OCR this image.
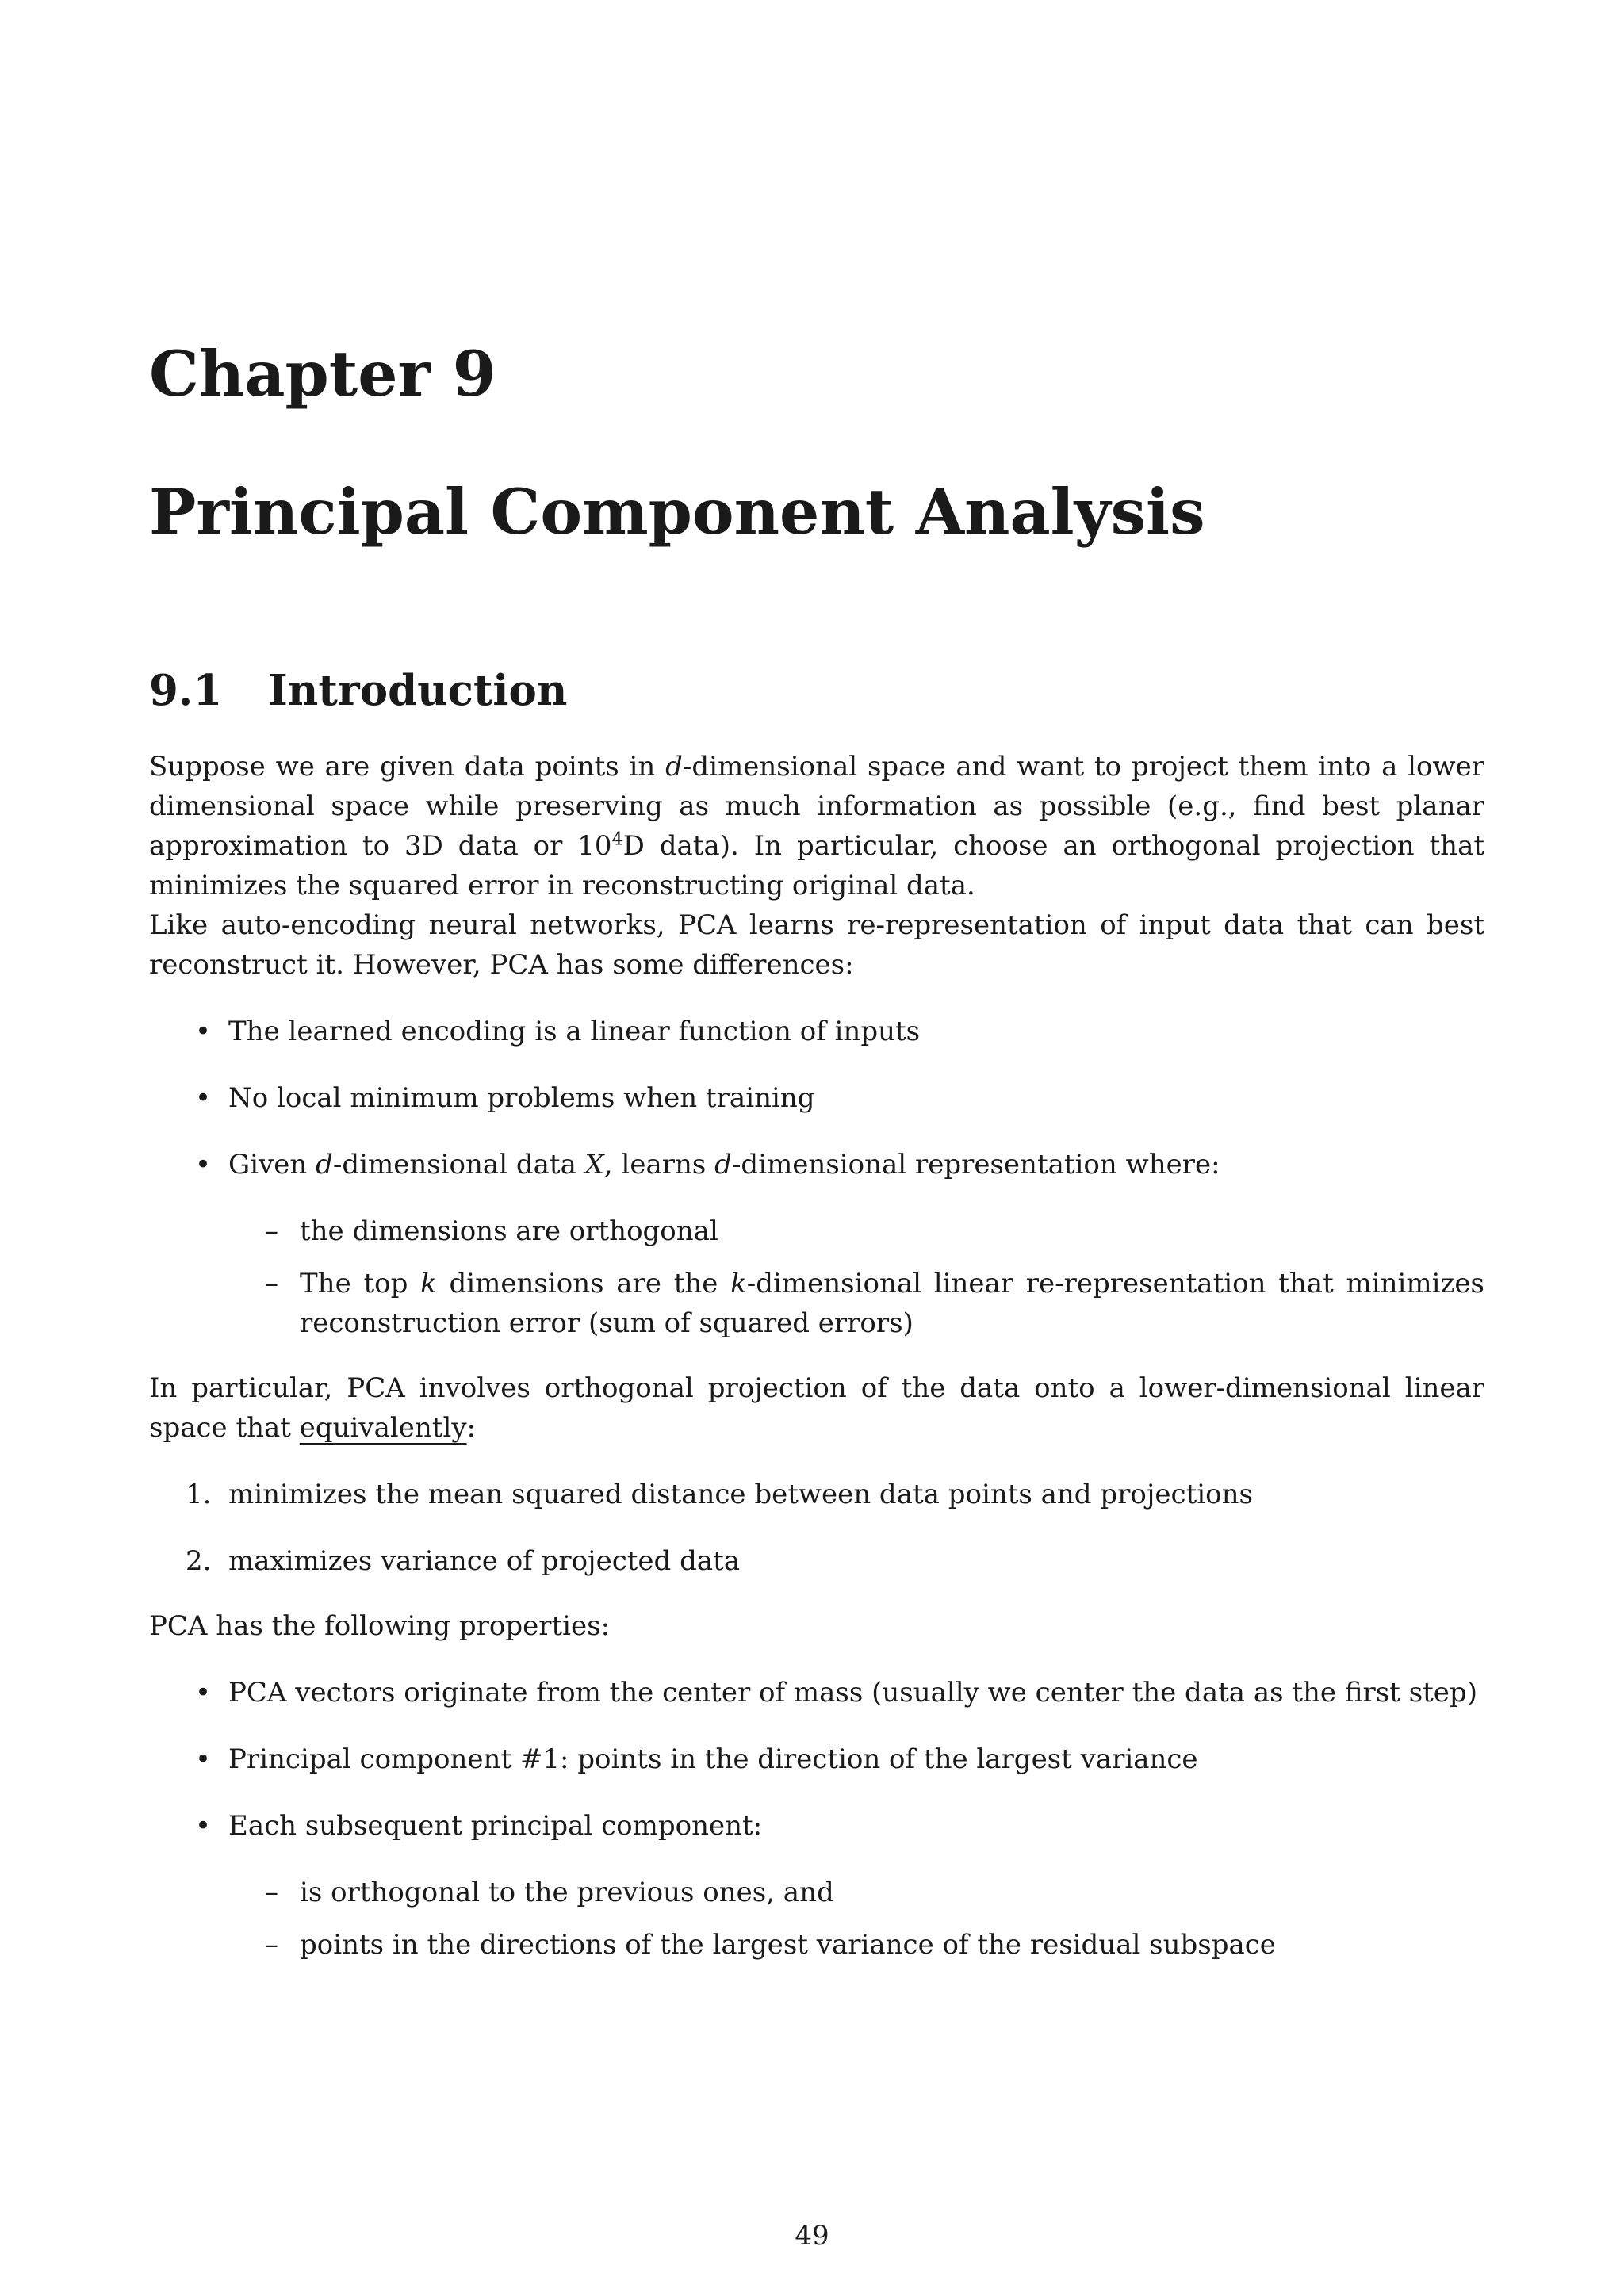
Chapter 9
Principal Component Analysis
9.1 Introduction

Suppose we are given data points in d-dimensional space and want to project them into a lower dimensional space while preserving as much information as possible (e.g., find best planar approximation to 3D data or $10^4D$ data). In particular, choose an orthogonal projection that minimizes the squared error in reconstructing original data.

Like auto-encoding neural networks, PCA learns re-representation of input data that can best reconstruct it. However, PCA has some differences:

• The learned encoding is a linear function of inputs
• No local minimum problems when training
• Given d-dimensional data X, learns d-dimensional representation where:
– the dimensions are orthogonal
– The top k dimensions are the k-dimensional linear re-representation that minimizes reconstruction error (sum of squared errors)

In particular, PCA involves orthogonal projection of the data onto a lower-dimensional linear space that equivalently:

1. minimizes the mean squared distance between data points and projections
2. maximizes variance of projected data

PCA has the following properties:

• PCA vectors originate from the center of mass (usually we center the data as the first step)
• Principal component #1: points in the direction of the largest variance
• Each subsequent principal component:
– is orthogonal to the previous ones, and
– points in the directions of the largest variance of the residual subspace
49
